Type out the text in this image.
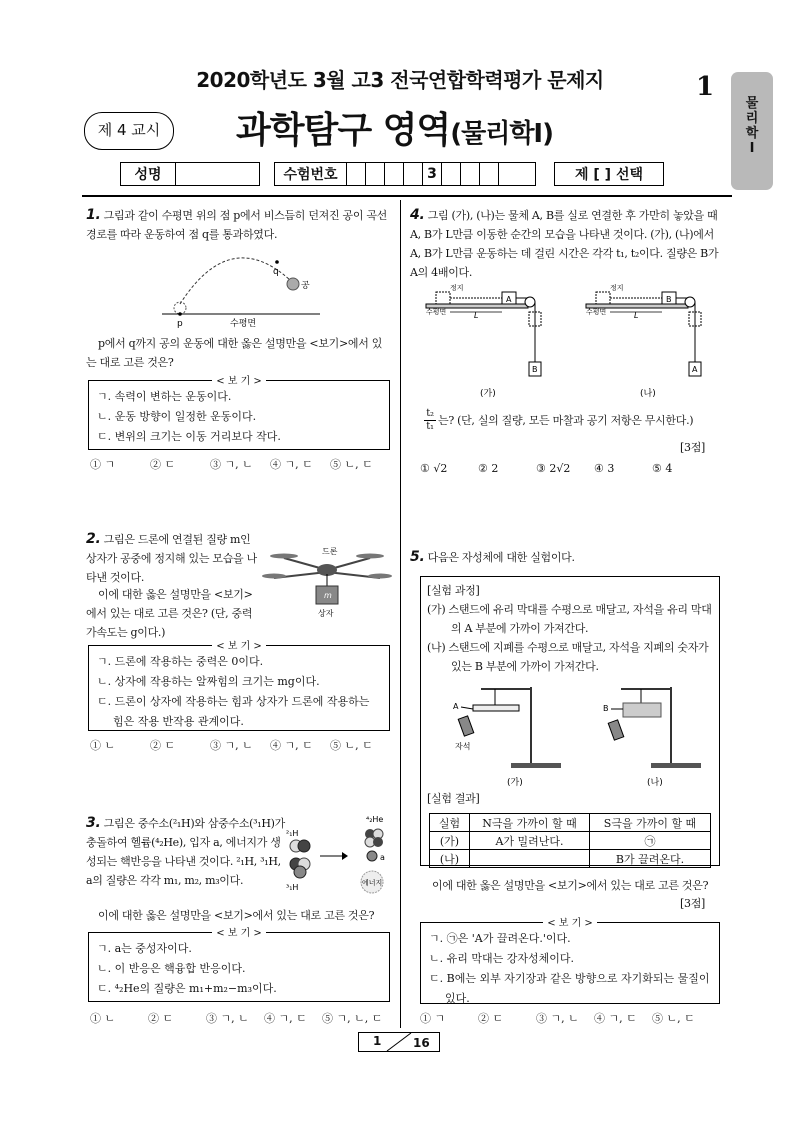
2020학년도 3월 고3 전국연합학력평가 문제지	1
물
리
학
Ⅰ
제 4 교시	과학탐구 영역(물리학Ⅰ)
성명	수험번호	3	제 [ ] 선택
1. 그림과 같이 수평면 위의 점 p에서 비스듬히 던져진 공이 곡선 경로를 따라 운동하여 점 q를 통과하였다.
q
공
p	수평면
p에서 q까지 공의 운동에 대한 옳은 설명만을 <보기>에서 있는 대로 고른 것은?
< 보 기 >
ㄱ. 속력이 변하는 운동이다.
ㄴ. 운동 방향이 일정한 운동이다.
ㄷ. 변위의 크기는 이동 거리보다 작다.
① ㄱ	② ㄷ	③ ㄱ, ㄴ	④ ㄱ, ㄷ	⑤ ㄴ, ㄷ
2. 그림은 드론에 연결된 질량 m인 상자가 공중에 정지해 있는 모습을 나타낸 것이다.
이에 대한 옳은 설명만을 <보기>에서 있는 대로 고른 것은? (단, 중력 가속도는 g이다.)
드론
m
상자
< 보 기 >
ㄱ. 드론에 작용하는 중력은 0이다.
ㄴ. 상자에 작용하는 알짜힘의 크기는 mg이다.
ㄷ. 드론이 상자에 작용하는 힘과 상자가 드론에 작용하는 힘은 작용 반작용 관계이다.
① ㄴ	② ㄷ	③ ㄱ, ㄴ	④ ㄱ, ㄷ	⑤ ㄴ, ㄷ
3. 그림은 중수소(²₁H)와 삼중수소(³₁H)가 충돌하여 헬륨(⁴₂He), 입자 a, 에너지가 생성되는 핵반응을 나타낸 것이다. ²₁H, ³₁H, a의 질량은 각각 m₁, m₂, m₃이다.
²₁H
³₁H
⁴₂He
a
에너지
이에 대한 옳은 설명만을 <보기>에서 있는 대로 고른 것은?
< 보 기 >
ㄱ. a는 중성자이다.
ㄴ. 이 반응은 핵융합 반응이다.
ㄷ. ⁴₂He의 질량은 m₁+m₂−m₃이다.
① ㄴ	② ㄷ	③ ㄱ, ㄴ	④ ㄱ, ㄷ	⑤ ㄱ, ㄴ, ㄷ
4. 그림 (가), (나)는 물체 A, B를 실로 연결한 후 가만히 놓았을 때 A, B가 L만큼 이동한 순간의 모습을 나타낸 것이다. (가), (나)에서 A, B가 L만큼 운동하는 데 걸린 시간은 각각 t₁, t₂이다. 질량은 B가 A의 4배이다.
정지
A
수평면	L
B
(가)
정지
B
수평면	L
A
(나)
$\frac{\text{t₂}}{\text{t₁}}$ 는? (단, 실의 질량, 모든 마찰과 공기 저항은 무시한다.)
[3점]
① √2	② 2	③ 2√2	④ 3	⑤ 4
5. 다음은 자성체에 대한 실험이다.
[실험 과정]
(가) 스탠드에 유리 막대를 수평으로 매달고, 자석을 유리 막대의 A 부분에 가까이 가져간다.
(나) 스탠드에 지폐를 수평으로 매달고, 자석을 지폐의 숫자가 있는 B 부분에 가까이 가져간다.
A
자석
(가)
B
(나)
[실험 결과]
실험	N극을 가까이 할 때	S극을 가까이 할 때
(가)	A가 밀려난다.	㉠
(나)		B가 끌려온다.
이에 대한 옳은 설명만을 <보기>에서 있는 대로 고른 것은?
[3점]
< 보 기 >
ㄱ. ㉠은 'A가 끌려온다.'이다.
ㄴ. 유리 막대는 강자성체이다.
ㄷ. B에는 외부 자기장과 같은 방향으로 자기화되는 물질이 있다.
① ㄱ	② ㄷ	③ ㄱ, ㄴ	④ ㄱ, ㄷ	⑤ ㄴ, ㄷ
1	16
